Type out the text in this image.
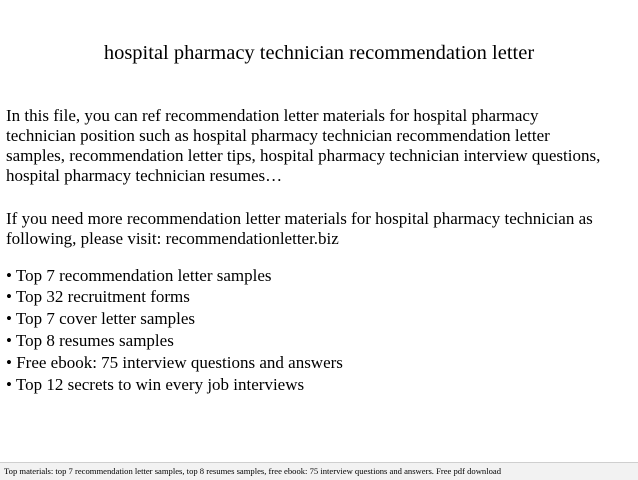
hospital pharmacy technician recommendation letter
In this file, you can ref recommendation letter materials for hospital pharmacy
technician position such as hospital pharmacy technician recommendation letter
samples, recommendation letter tips, hospital pharmacy technician interview questions,
hospital pharmacy technician resumes…
If you need more recommendation letter materials for hospital pharmacy technician as
following, please visit: recommendationletter.biz
• Top 7 recommendation letter samples
• Top 32 recruitment forms
• Top 7 cover letter samples
• Top 8 resumes samples
• Free ebook: 75 interview questions and answers
• Top 12 secrets to win every job interviews
Top materials: top 7 recommendation letter samples, top 8 resumes samples, free ebook: 75 interview questions and answers. Free pdf download
